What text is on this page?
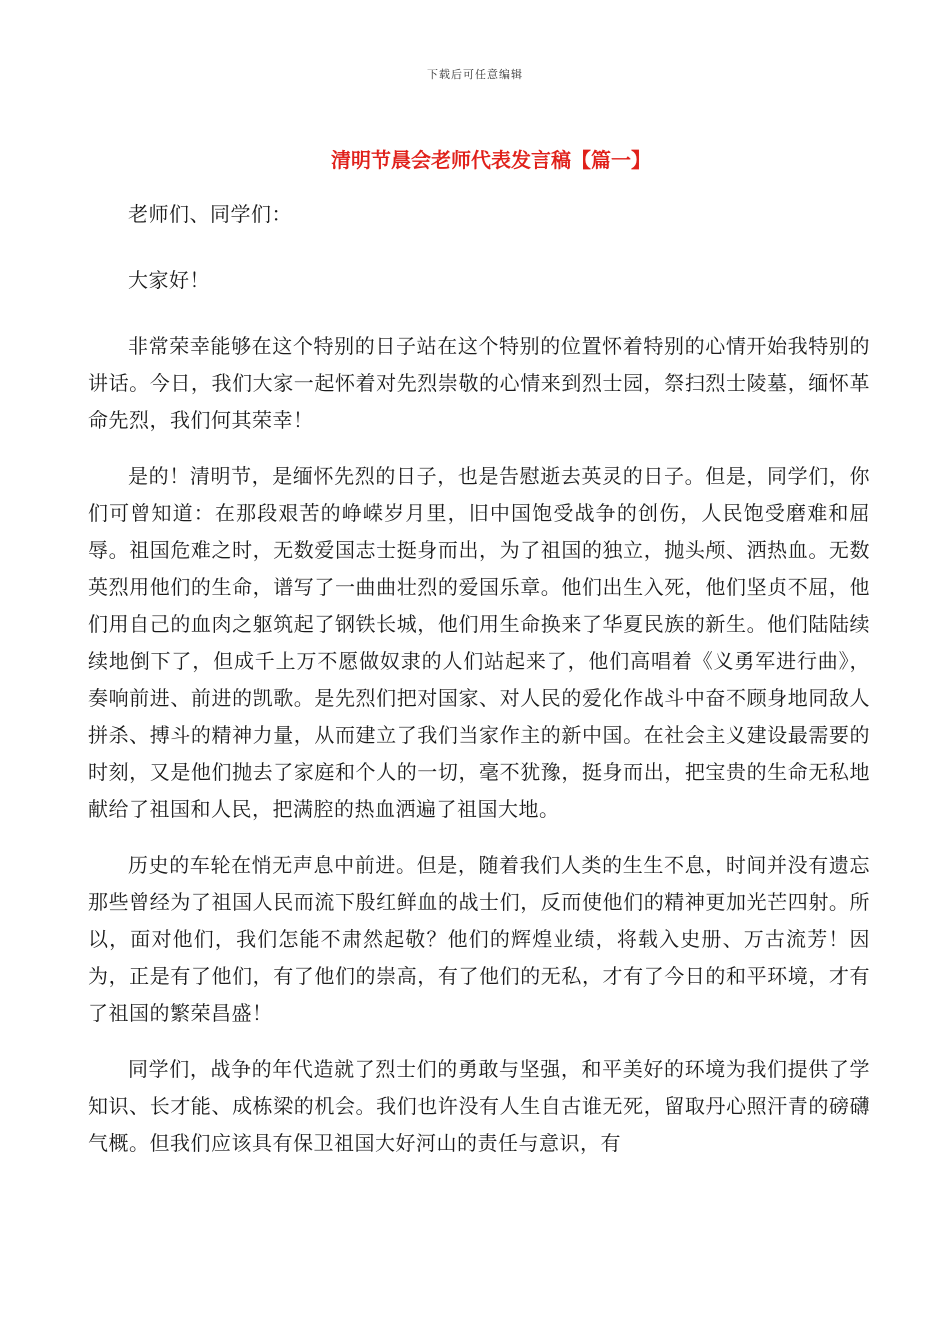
下载后可任意编辑
清明节晨会老师代表发言稿【篇一】

老师们、同学们：

大家好！

非常荣幸能够在这个特别的日子站在这个特别的位置怀着特别的心情开始我特别的讲话。今日，我们大家一起怀着对先烈崇敬的心情来到烈士园，祭扫烈士陵墓，缅怀革命先烈，我们何其荣幸！

是的！清明节，是缅怀先烈的日子，也是告慰逝去英灵的日子。但是，同学们，你们可曾知道：在那段艰苦的峥嵘岁月里，旧中国饱受战争的创伤，人民饱受磨难和屈辱。祖国危难之时，无数爱国志士挺身而出，为了祖国的独立，抛头颅、洒热血。无数英烈用他们的生命，谱写了一曲曲壮烈的爱国乐章。他们出生入死，他们坚贞不屈，他们用自己的血肉之躯筑起了钢铁长城，他们用生命换来了华夏民族的新生。他们陆陆续续地倒下了，但成千上万不愿做奴隶的人们站起来了，他们高唱着《义勇军进行曲》，奏响前进、前进的凯歌。是先烈们把对国家、对人民的爱化作战斗中奋不顾身地同敌人拼杀、搏斗的精神力量，从而建立了我们当家作主的新中国。在社会主义建设最需要的时刻，又是他们抛去了家庭和个人的一切，毫不犹豫，挺身而出，把宝贵的生命无私地献给了祖国和人民，把满腔的热血洒遍了祖国大地。

历史的车轮在悄无声息中前进。但是，随着我们人类的生生不息，时间并没有遗忘那些曾经为了祖国人民而流下殷红鲜血的战士们，反而使他们的精神更加光芒四射。所以，面对他们，我们怎能不肃然起敬？他们的辉煌业绩，将载入史册、万古流芳！因为，正是有了他们，有了他们的崇高，有了他们的无私，才有了今日的和平环境，才有了祖国的繁荣昌盛！

同学们，战争的年代造就了烈士们的勇敢与坚强，和平美好的环境为我们提供了学知识、长才能、成栋梁的机会。我们也许没有人生自古谁无死，留取丹心照汗青的磅礴气概。但我们应该具有保卫祖国大好河山的责任与意识，有
